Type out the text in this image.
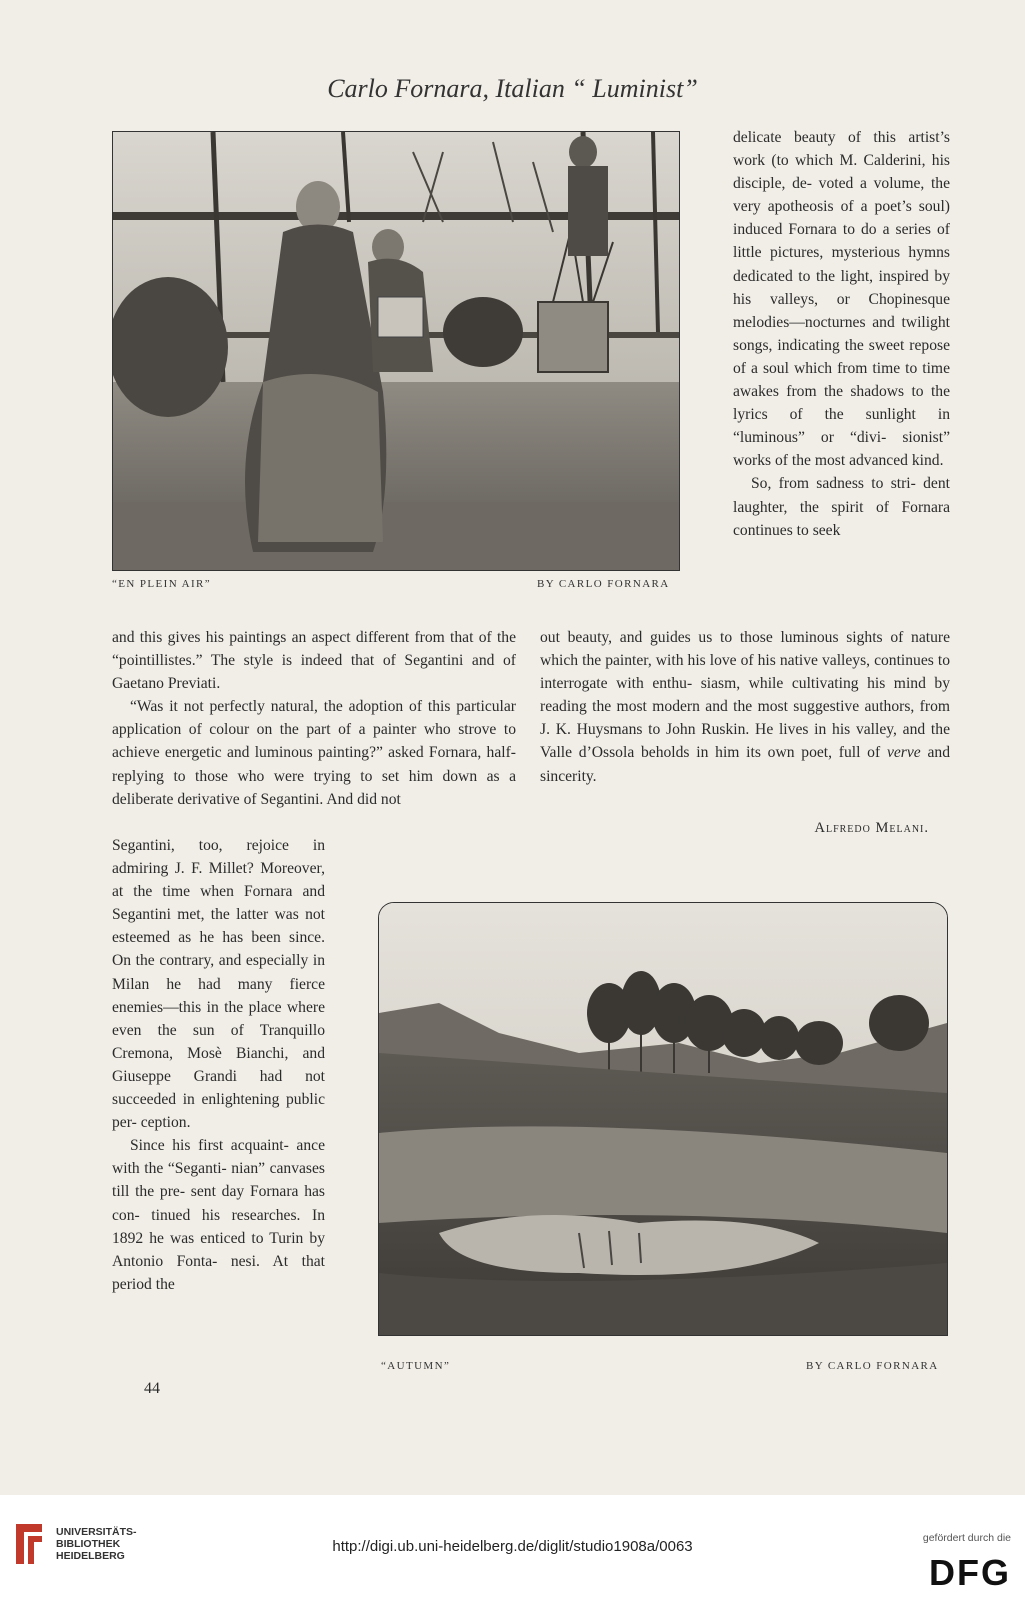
Carlo Fornara, Italian “ Luminist”
“EN PLEIN AIR”	BY CARLO FORNARA

delicate beauty of this artist’s work (to which M. Calderini, his disciple, de- voted a volume, the very apotheosis of a poet’s soul) induced Fornara to do a series of little pictures, mysterious hymns dedicated to the light, inspired by his valleys, or Chopinesque melodies—nocturnes and twilight songs, indicating the sweet repose of a soul which from time to time awakes from the shadows to the lyrics of the sunlight in “luminous” or “divi- sionist” works of the most advanced kind.

So, from sadness to stri- dent laughter, the spirit of Fornara continues to seek

and this gives his paintings an aspect different from that of the “pointillistes.” The style is indeed that of Segantini and of Gaetano Previati.

“Was it not perfectly natural, the adoption of this particular application of colour on the part of a painter who strove to achieve energetic and luminous painting?” asked Fornara, half-replying to those who were trying to set him down as a deliberate derivative of Segantini. And did not

out beauty, and guides us to those luminous sights of nature which the painter, with his love of his native valleys, continues to interrogate with enthu- siasm, while cultivating his mind by reading the most modern and the most suggestive authors, from J. K. Huysmans to John Ruskin. He lives in his valley, and the Valle d’Ossola beholds in him its own poet, full of verve and sincerity.

Alfredo Melani.

Segantini, too, rejoice in admiring J. F. Millet? Moreover, at the time when Fornara and Segantini met, the latter was not esteemed as he has been since. On the contrary, and especially in Milan he had many fierce enemies—this in the place where even the sun of Tranquillo Cremona, Mosè Bianchi, and Giuseppe Grandi had not succeeded in enlightening public per- ception.

Since his first acquaint- ance with the “Seganti- nian” canvases till the pre- sent day Fornara has con- tinued his researches. In 1892 he was enticed to Turin by Antonio Fonta- nesi. At that period the

“AUTUMN”	BY CARLO FORNARA
44
UNIVERSITÄTS-
BIBLIOTHEK
HEIDELBERG
http://digi.ub.uni-heidelberg.de/diglit/studio1908a/0063	gefördert durch die
DFG
